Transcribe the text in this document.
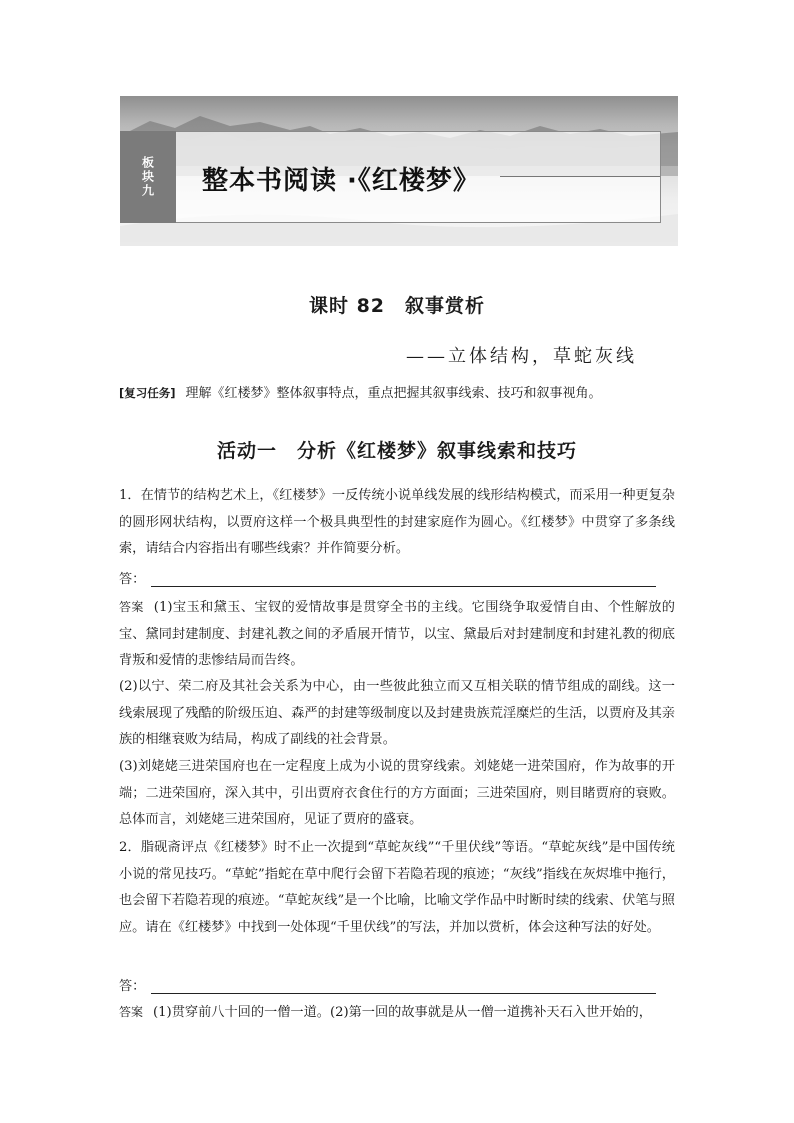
板块九 整本书阅读 ·《红楼梦》
课时 82　叙事赏析
——立体结构，草蛇灰线
[复习任务] 理解《红楼梦》整体叙事特点，重点把握其叙事线索、技巧和叙事视角。
活动一　分析《红楼梦》叙事线索和技巧

1．在情节的结构艺术上，《红楼梦》一反传统小说单线发展的线形结构模式，而采用一种更复杂的圆形网状结构，以贾府这样一个极具典型性的封建家庭作为圆心。《红楼梦》中贯穿了多条线索，请结合内容指出有哪些线索？并作简要分析。

答：

答案 (1)宝玉和黛玉、宝钗的爱情故事是贯穿全书的主线。它围绕争取爱情自由、个性解放的宝、黛同封建制度、封建礼教之间的矛盾展开情节，以宝、黛最后对封建制度和封建礼教的彻底背叛和爱情的悲惨结局而告终。

(2)以宁、荣二府及其社会关系为中心，由一些彼此独立而又互相关联的情节组成的副线。这一线索展现了残酷的阶级压迫、森严的封建等级制度以及封建贵族荒淫糜烂的生活，以贾府及其亲族的相继衰败为结局，构成了副线的社会背景。

(3)刘姥姥三进荣国府也在一定程度上成为小说的贯穿线索。刘姥姥一进荣国府，作为故事的开端；二进荣国府，深入其中，引出贾府衣食住行的方方面面；三进荣国府，则目睹贾府的衰败。总体而言，刘姥姥三进荣国府，见证了贾府的盛衰。

2．脂砚斋评点《红楼梦》时不止一次提到“草蛇灰线”“千里伏线”等语。“草蛇灰线”是中国传统小说的常见技巧。“草蛇”指蛇在草中爬行会留下若隐若现的痕迹；“灰线”指线在灰烬堆中拖行，也会留下若隐若现的痕迹。“草蛇灰线”是一个比喻，比喻文学作品中时断时续的线索、伏笔与照应。请在《红楼梦》中找到一处体现“千里伏线”的写法，并加以赏析，体会这种写法的好处。

答：

答案 (1)贯穿前八十回的一僧一道。(2)第一回的故事就是从一僧一道携补天石入世开始的，
